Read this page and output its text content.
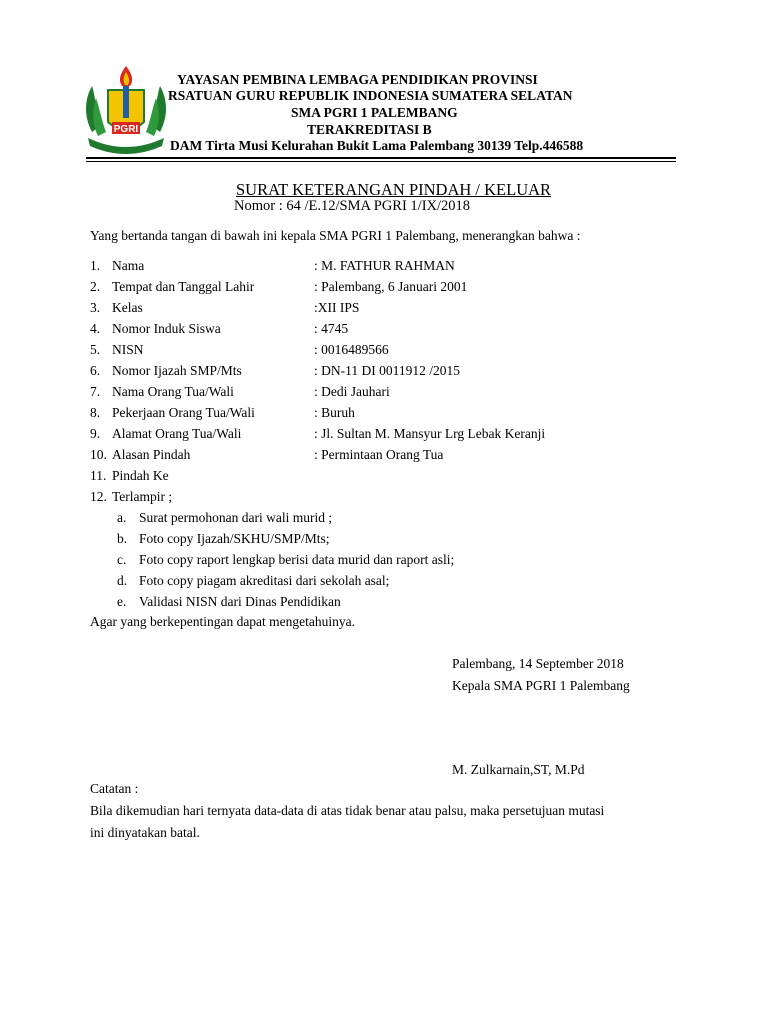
PGRI
YAYASAN PEMBINA LEMBAGA PENDIDIKAN PROVINSI
RSATUAN GURU REPUBLIK INDONESIA SUMATERA SELATAN
SMA PGRI 1 PALEMBANG
TERAKREDITASI B
DAM Tirta Musi Kelurahan Bukit Lama Palembang 30139 Telp.446588
SURAT KETERANGAN PINDAH / KELUAR
Nomor : 64 /E.12/SMA PGRI 1/IX/2018
Yang bertanda tangan di bawah ini kepala SMA PGRI 1 Palembang, menerangkan bahwa :
1. Nama	: M. FATHUR RAHMAN
2. Tempat dan Tanggal Lahir	: Palembang, 6 Januari 2001
3. Kelas	:XII IPS
4. Nomor Induk Siswa	: 4745
5. NISN	: 0016489566
6. Nomor Ijazah SMP/Mts	: DN-11 DI 0011912 /2015
7. Nama Orang Tua/Wali	: Dedi Jauhari
8. Pekerjaan Orang Tua/Wali	: Buruh
9. Alamat Orang Tua/Wali	: Jl. Sultan M. Mansyur Lrg Lebak Keranji
10. Alasan Pindah	: Permintaan Orang Tua
11. Pindah Ke
12. Terlampir ;
a. Surat permohonan dari wali murid ;
b. Foto copy Ijazah/SKHU/SMP/Mts;
c. Foto copy raport lengkap berisi data murid dan raport asli;
d. Foto copy piagam akreditasi dari sekolah asal;
e. Validasi NISN dari Dinas Pendidikan
Agar yang berkepentingan dapat mengetahuinya.
Palembang, 14 September 2018
Kepala SMA PGRI 1 Palembang
M. Zulkarnain,ST, M.Pd
Catatan :
Bila dikemudian hari ternyata data-data di atas tidak benar atau palsu, maka persetujuan mutasi
ini dinyatakan batal.
